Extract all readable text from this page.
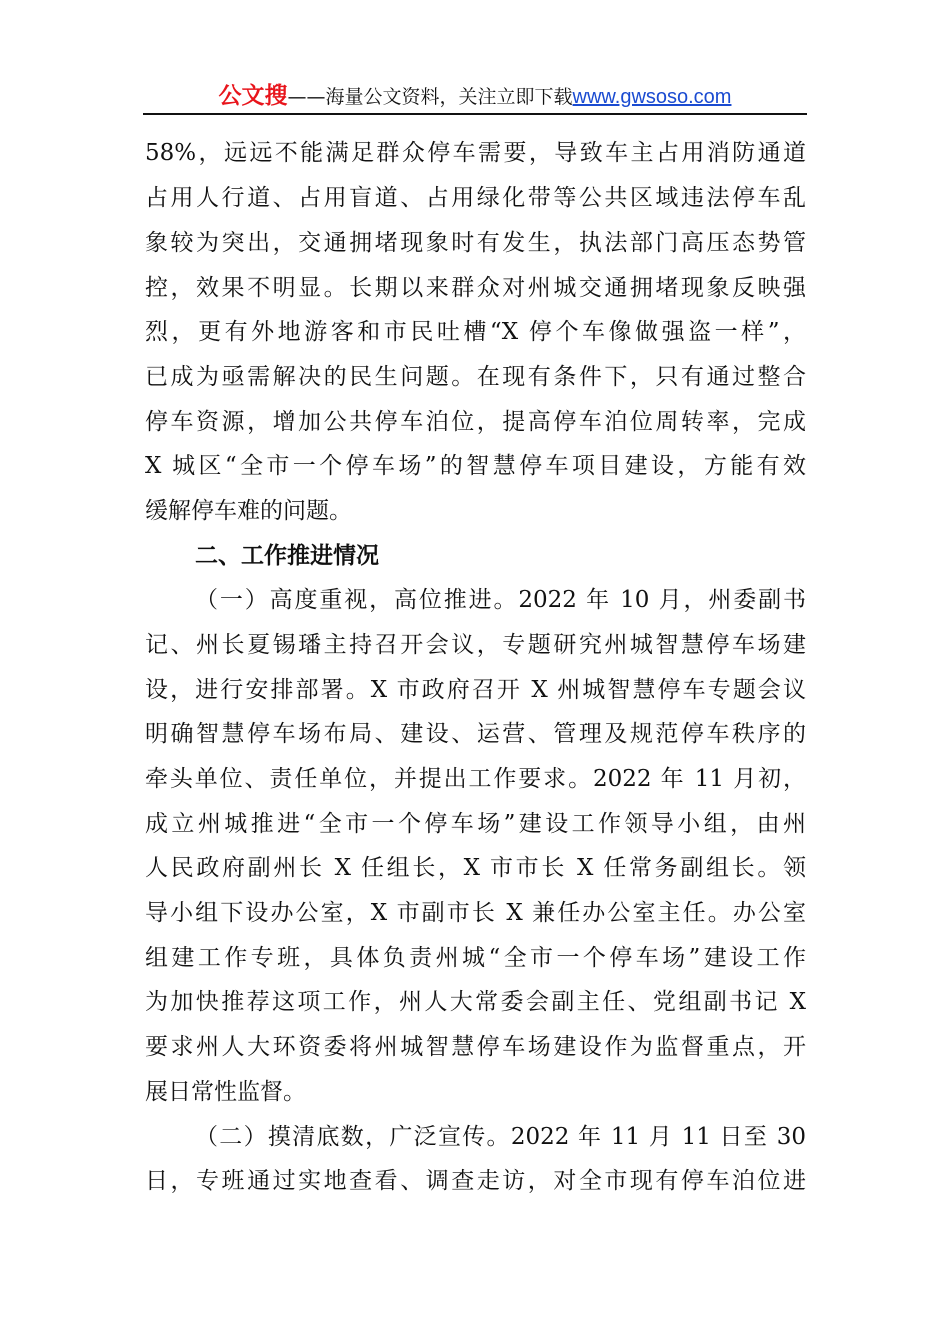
公文搜——海量公文资料，关注立即下载www.gwsoso.com
58%，远远不能满足群众停车需要，导致车主占用消防通道
占用人行道、占用盲道、占用绿化带等公共区域违法停车乱
象较为突出，交通拥堵现象时有发生，执法部门高压态势管
控，效果不明显。长期以来群众对州城交通拥堵现象反映强
烈，更有外地游客和市民吐槽“X 停个车像做强盗一样”，
已成为亟需解决的民生问题。在现有条件下，只有通过整合
停车资源，增加公共停车泊位，提高停车泊位周转率，完成
X 城区“全市一个停车场”的智慧停车项目建设，方能有效
缓解停车难的问题。
二、工作推进情况
（一）高度重视，高位推进。2022 年 10 月，州委副书
记、州长夏锡璠主持召开会议，专题研究州城智慧停车场建
设，进行安排部署。X 市政府召开 X 州城智慧停车专题会议
明确智慧停车场布局、建设、运营、管理及规范停车秩序的
牵头单位、责任单位，并提出工作要求。2022 年 11 月初，
成立州城推进“全市一个停车场”建设工作领导小组，由州
人民政府副州长 X 任组长，X 市市长 X 任常务副组长。领
导小组下设办公室，X 市副市长 X 兼任办公室主任。办公室
组建工作专班，具体负责州城“全市一个停车场”建设工作
为加快推荐这项工作，州人大常委会副主任、党组副书记 X
要求州人大环资委将州城智慧停车场建设作为监督重点，开
展日常性监督。
（二）摸清底数，广泛宣传。2022 年 11 月 11 日至 30
日，专班通过实地查看、调查走访，对全市现有停车泊位进
